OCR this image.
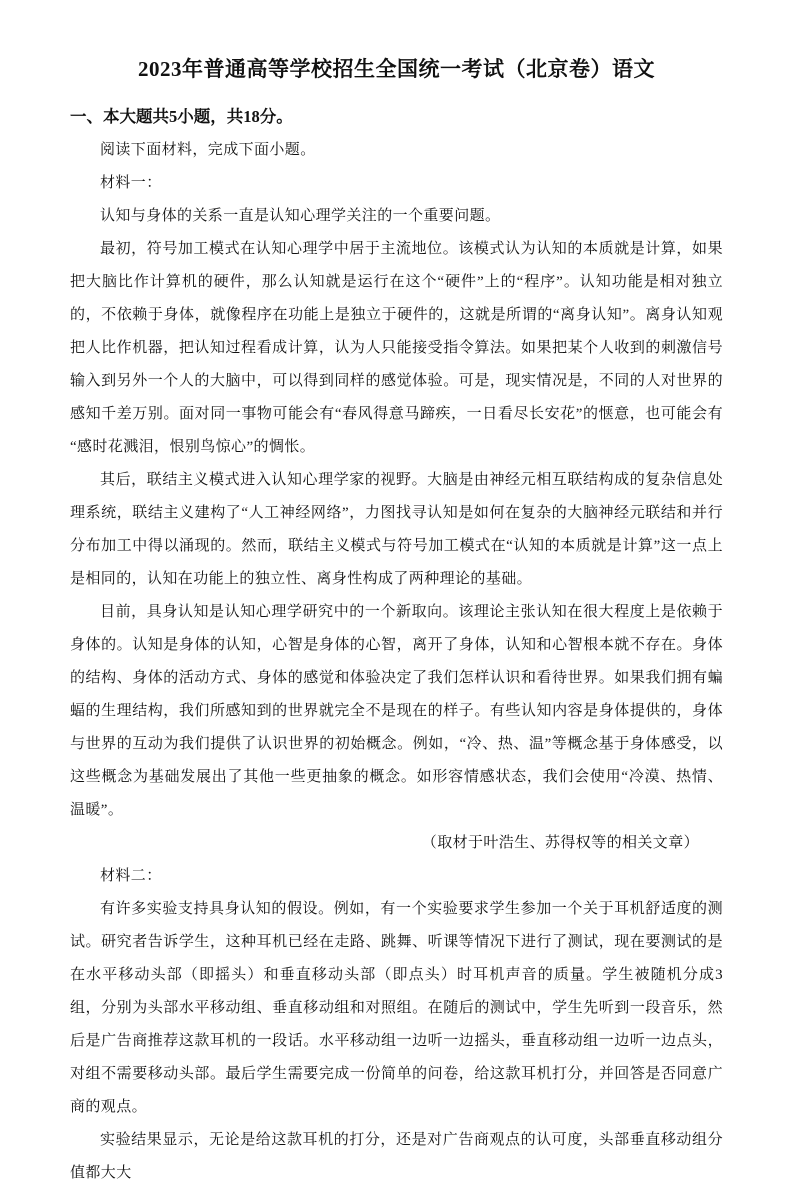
2023年普通高等学校招生全国统一考试（北京卷）语文
一、本大题共5小题，共18分。

阅读下面材料，完成下面小题。

材料一：

认知与身体的关系一直是认知心理学关注的一个重要问题。

最初，符号加工模式在认知心理学中居于主流地位。该模式认为认知的本质就是计算，如果把大脑比作计算机的硬件，那么认知就是运行在这个“硬件”上的“程序”。认知功能是相对独立的，不依赖于身体，就像程序在功能上是独立于硬件的，这就是所谓的“离身认知”。离身认知观把人比作机器，把认知过程看成计算，认为人只能接受指令算法。如果把某个人收到的刺激信号输入到另外一个人的大脑中，可以得到同样的感觉体验。可是，现实情况是，不同的人对世界的感知千差万别。面对同一事物可能会有“春风得意马蹄疾，一日看尽长安花”的惬意，也可能会有“感时花溅泪，恨别鸟惊心”的惆怅。

其后，联结主义模式进入认知心理学家的视野。大脑是由神经元相互联结构成的复杂信息处理系统，联结主义建构了“人工神经网络”，力图找寻认知是如何在复杂的大脑神经元联结和并行分布加工中得以涌现的。然而，联结主义模式与符号加工模式在“认知的本质就是计算”这一点上是相同的，认知在功能上的独立性、离身性构成了两种理论的基础。

目前，具身认知是认知心理学研究中的一个新取向。该理论主张认知在很大程度上是依赖于身体的。认知是身体的认知，心智是身体的心智，离开了身体，认知和心智根本就不存在。身体的结构、身体的活动方式、身体的感觉和体验决定了我们怎样认识和看待世界。如果我们拥有蝙蝠的生理结构，我们所感知到的世界就完全不是现在的样子。有些认知内容是身体提供的，身体与世界的互动为我们提供了认识世界的初始概念。例如，“冷、热、温”等概念基于身体感受，以这些概念为基础发展出了其他一些更抽象的概念。如形容情感状态，我们会使用“冷漠、热情、温暖”。

（取材于叶浩生、苏得权等的相关文章）

材料二：

有许多实验支持具身认知的假设。例如，有一个实验要求学生参加一个关于耳机舒适度的测试。研究者告诉学生，这种耳机已经在走路、跳舞、听课等情况下进行了测试，现在要测试的是在水平移动头部（即摇头）和垂直移动头部（即点头）时耳机声音的质量。学生被随机分成3组，分别为头部水平移动组、垂直移动组和对照组。在随后的测试中，学生先听到一段音乐，然后是广告商推荐这款耳机的一段话。水平移动组一边听一边摇头，垂直移动组一边听一边点头，对组不需要移动头部。最后学生需要完成一份简单的问卷，给这款耳机打分，并回答是否同意广商的观点。

实验结果显示，无论是给这款耳机的打分，还是对广告商观点的认可度，头部垂直移动组分值都大大
